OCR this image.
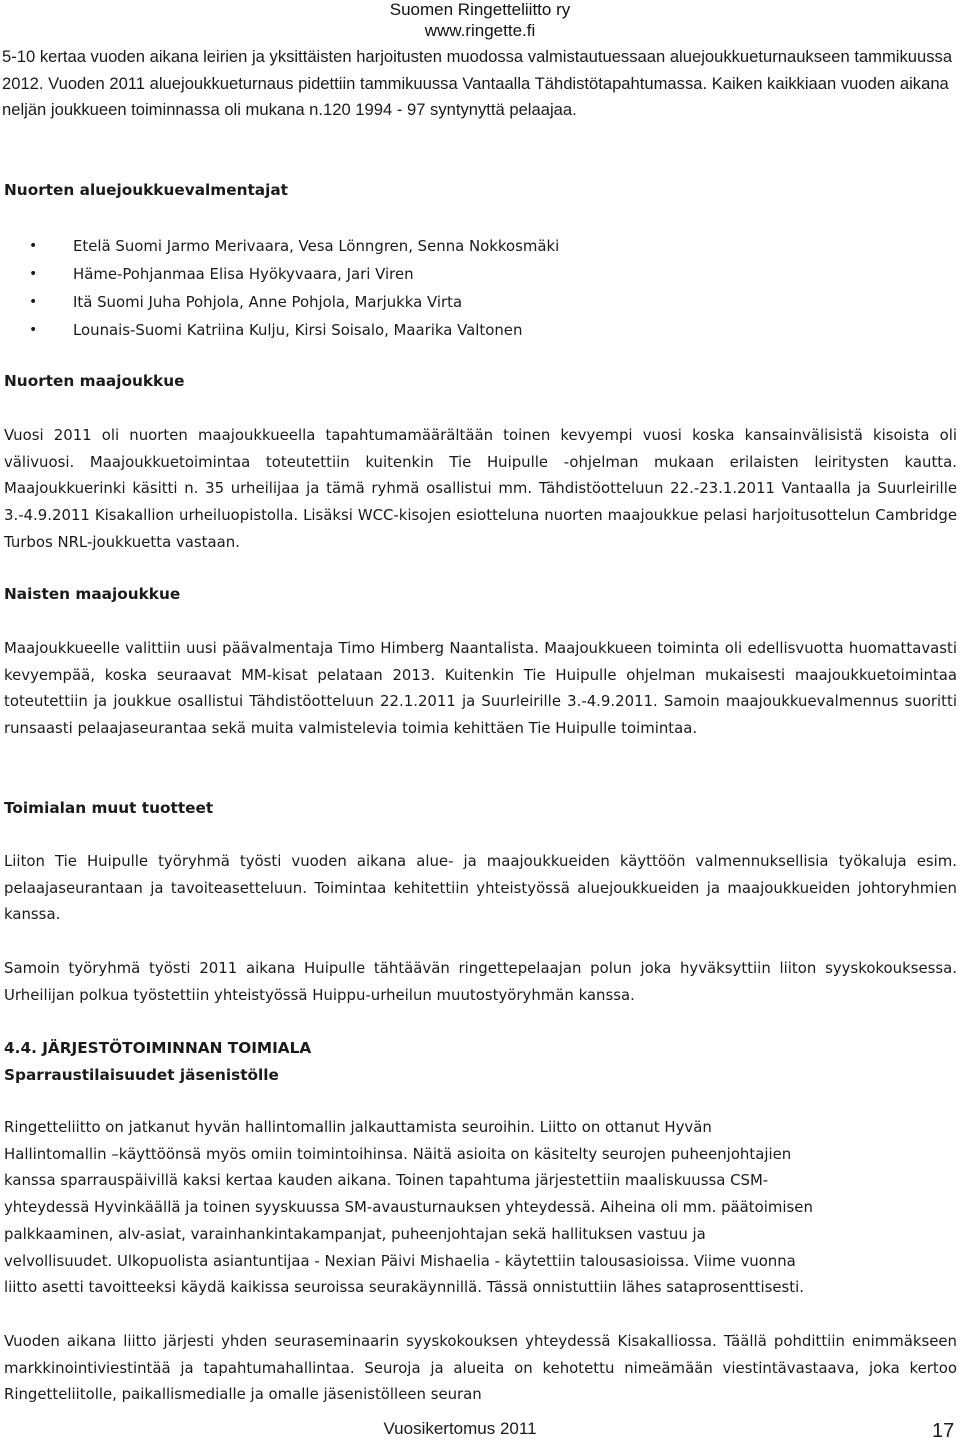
Suomen Ringetteliitto ry
www.ringette.fi

5-10 kertaa vuoden aikana leirien ja yksittäisten harjoitusten muodossa valmistautuessaan aluejoukkueturnaukseen tammikuussa 2012. Vuoden 2011 aluejoukkueturnaus pidettiin tammikuussa Vantaalla Tähdistötapahtumassa. Kaiken kaikkiaan vuoden aikana neljän joukkueen toiminnassa oli mukana n.120 1994 - 97 syntynyttä pelaajaa.

Nuorten aluejoukkuevalmentajat
• Etelä Suomi Jarmo Merivaara, Vesa Lönngren, Senna Nokkosmäki
• Häme-Pohjanmaa Elisa Hyökyvaara, Jari Viren
• Itä Suomi Juha Pohjola, Anne Pohjola, Marjukka Virta
• Lounais-Suomi Katriina Kulju, Kirsi Soisalo, Maarika Valtonen
Nuorten maajoukkue

Vuosi 2011 oli nuorten maajoukkueella tapahtumamäärältään toinen kevyempi vuosi koska kansainvälisistä kisoista oli välivuosi. Maajoukkuetoimintaa toteutettiin kuitenkin Tie Huipulle -ohjelman mukaan erilaisten leiritysten kautta. Maajoukkuerinki käsitti n. 35 urheilijaa ja tämä ryhmä osallistui mm. Tähdistöotteluun 22.-23.1.2011 Vantaalla ja Suurleirille 3.-4.9.2011 Kisakallion urheiluopistolla. Lisäksi WCC-kisojen esiotteluna nuorten maajoukkue pelasi harjoitusottelun Cambridge Turbos NRL-joukkuetta vastaan.

Naisten maajoukkue

Maajoukkueelle valittiin uusi päävalmentaja Timo Himberg Naantalista. Maajoukkueen toiminta oli edellisvuotta huomattavasti kevyempää, koska seuraavat MM-kisat pelataan 2013. Kuitenkin Tie Huipulle ohjelman mukaisesti maajoukkuetoimintaa toteutettiin ja joukkue osallistui Tähdistöotteluun 22.1.2011 ja Suurleirille 3.-4.9.2011. Samoin maajoukkuevalmennus suoritti runsaasti pelaajaseurantaa sekä muita valmistelevia toimia kehittäen Tie Huipulle toimintaa.

Toimialan muut tuotteet

Liiton Tie Huipulle työryhmä työsti vuoden aikana alue- ja maajoukkueiden käyttöön valmennuksellisia työkaluja esim. pelaajaseurantaan ja tavoiteasetteluun. Toimintaa kehitettiin yhteistyössä aluejoukkueiden ja maajoukkueiden johtoryhmien kanssa.

Samoin työryhmä työsti 2011 aikana Huipulle tähtäävän ringettepelaajan polun joka hyväksyttiin liiton syyskokouksessa. Urheilijan polkua työstettiin yhteistyössä Huippu-urheilun muutostyöryhmän kanssa.

4.4. JÄRJESTÖTOIMINNAN TOIMIALA
Sparraustilaisuudet jäsenistölle
Ringetteliitto on jatkanut hyvän hallintomallin jalkauttamista seuroihin. Liitto on ottanut Hyvän
Hallintomallin –käyttöönsä myös omiin toimintoihinsa. Näitä asioita on käsitelty seurojen puheenjohtajien
kanssa sparrauspäivillä kaksi kertaa kauden aikana. Toinen tapahtuma järjestettiin maaliskuussa CSM-
yhteydessä Hyvinkäällä ja toinen syyskuussa SM-avausturnauksen yhteydessä. Aiheina oli mm. päätoimisen
palkkaaminen, alv-asiat, varainhankintakampanjat, puheenjohtajan sekä hallituksen vastuu ja
velvollisuudet. Ulkopuolista asiantuntijaa - Nexian Päivi Mishaelia - käytettiin talousasioissa. Viime vuonna
liitto asetti tavoitteeksi käydä kaikissa seuroissa seurakäynnillä. Tässä onnistuttiin lähes sataprosenttisesti.

Vuoden aikana liitto järjesti yhden seuraseminaarin syyskokouksen yhteydessä Kisakalliossa. Täällä pohdittiin enimmäkseen markkinointiviestintää ja tapahtumahallintaa. Seuroja ja alueita on kehotettu nimeämään viestintävastaava, joka kertoo Ringetteliitolle, paikallismedialle ja omalle jäsenistölleen seuran

Vuosikertomus 2011	17
